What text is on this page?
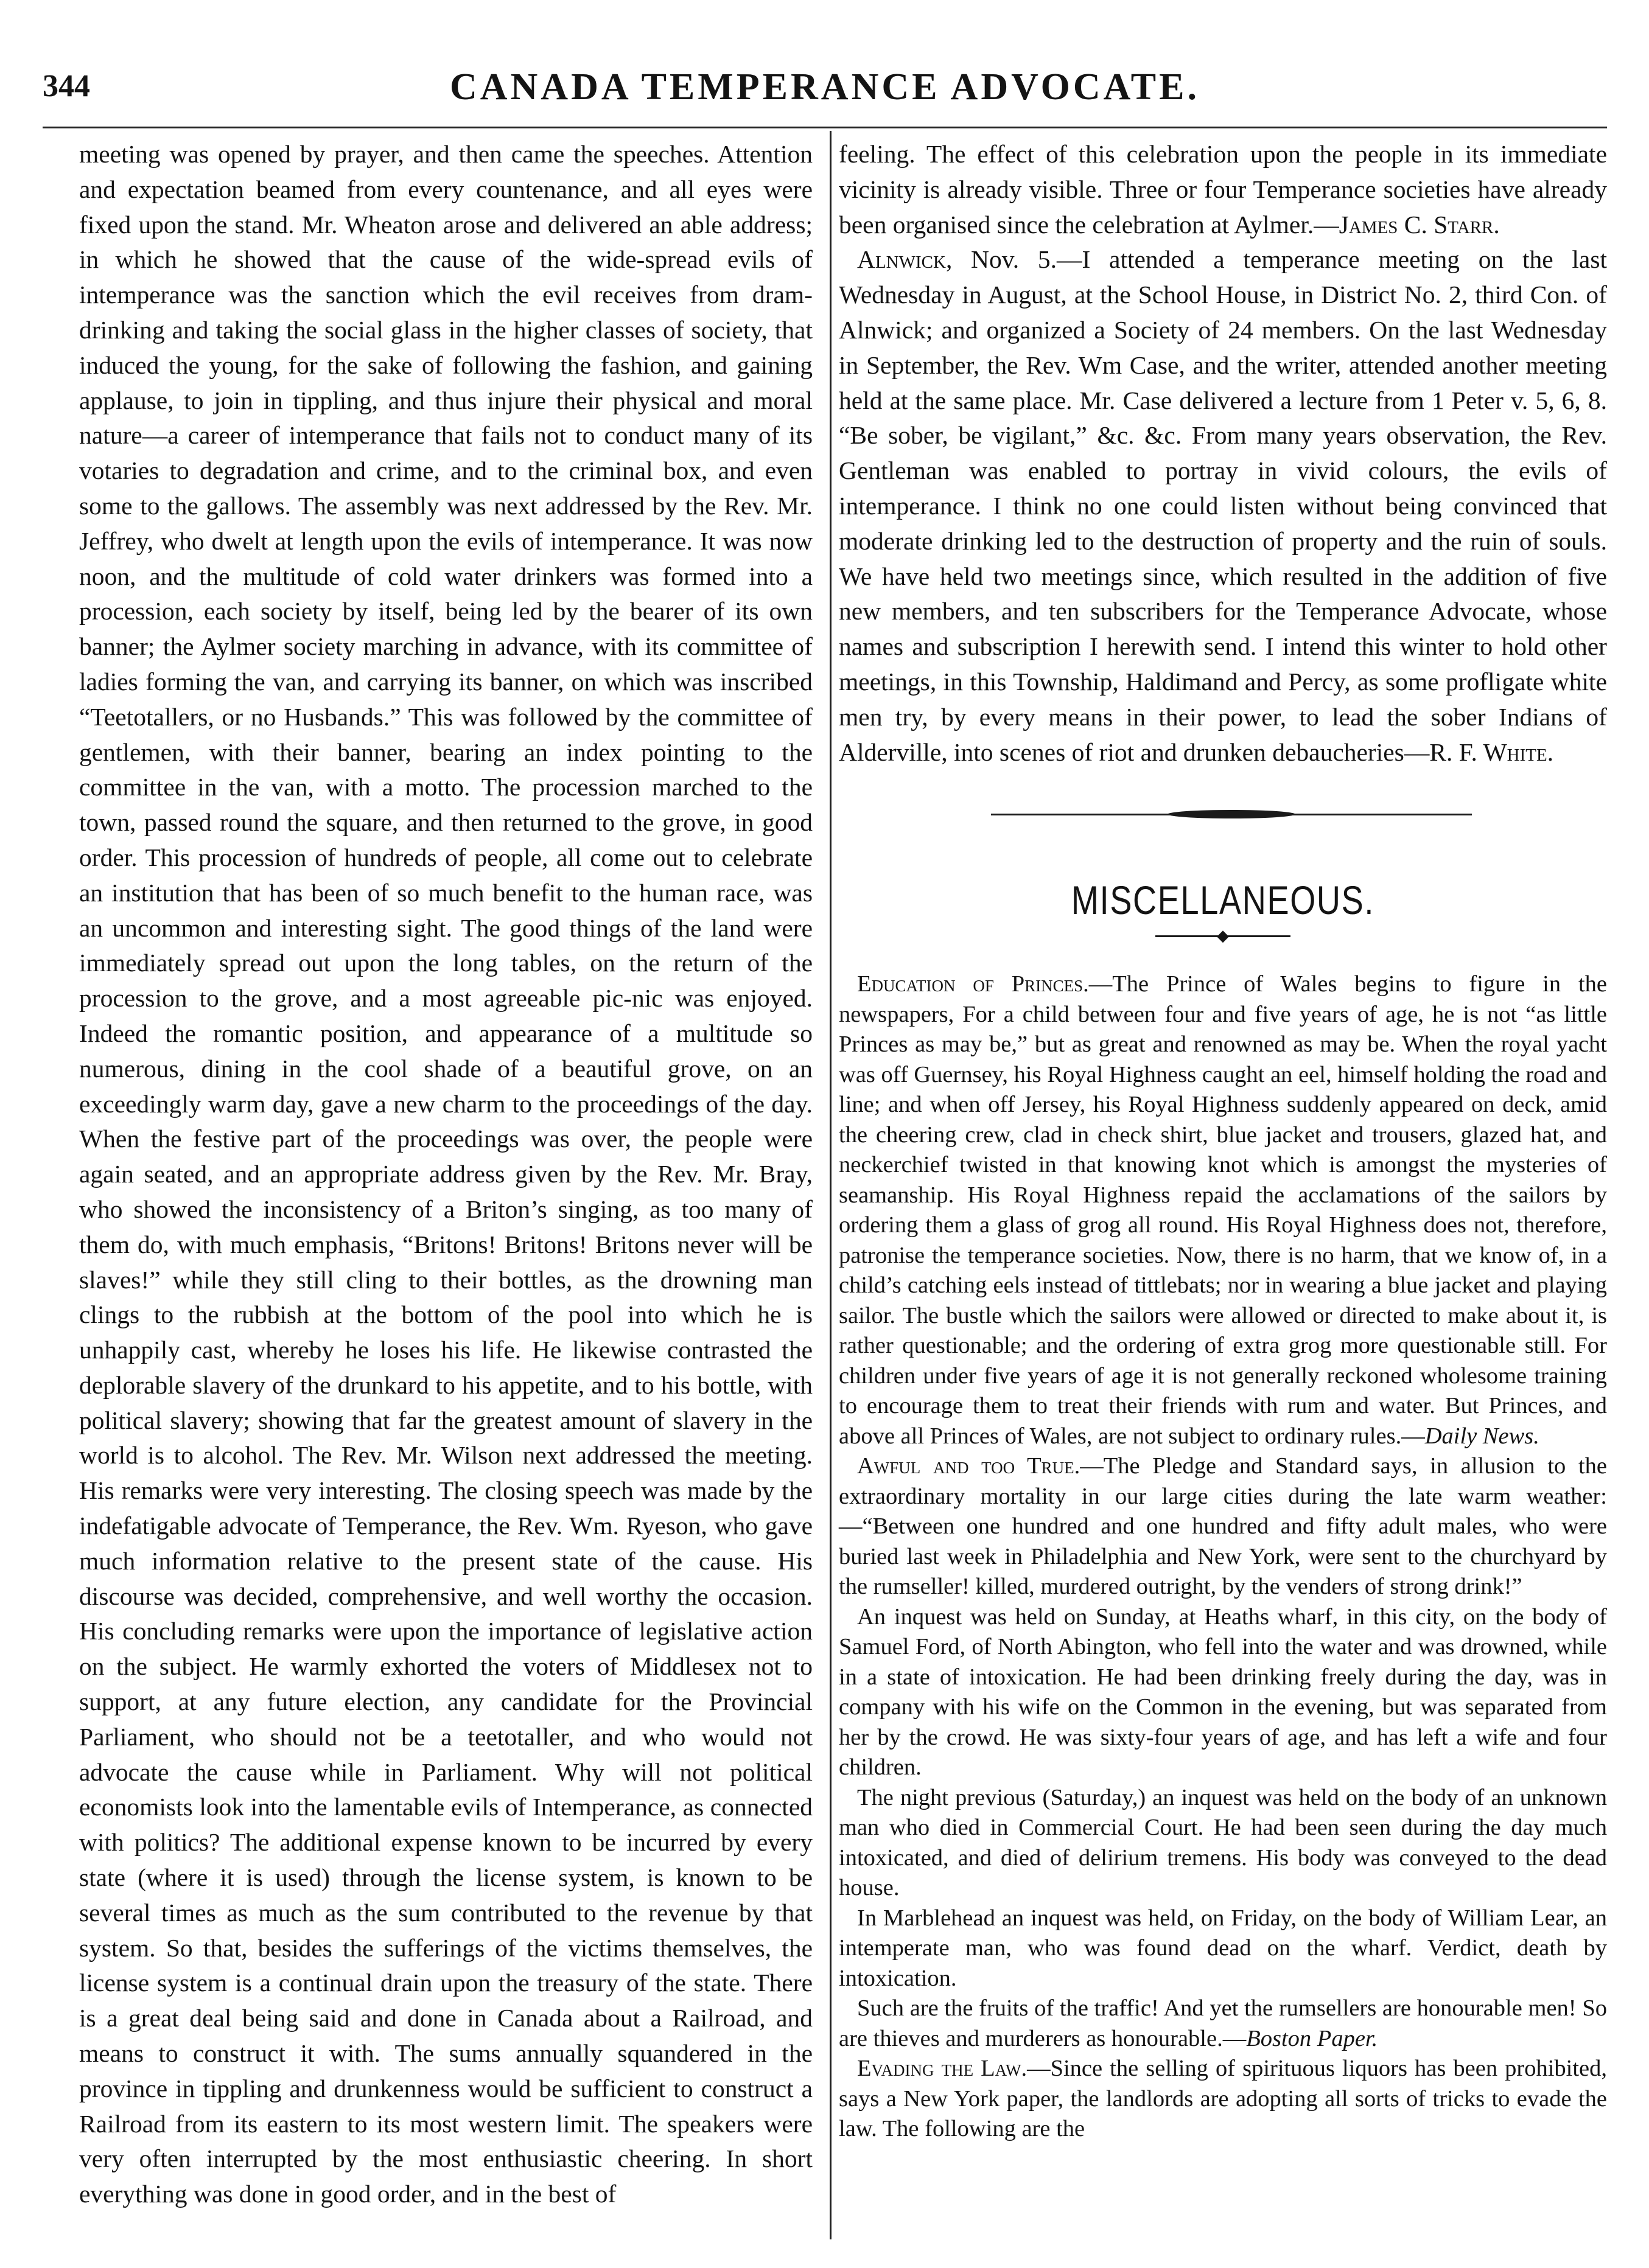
344	CANADA TEMPERANCE ADVOCATE.

meeting was opened by prayer, and then came the speeches. Attention and expectation beamed from every countenance, and all eyes were fixed upon the stand. Mr. Wheaton arose and delivered an able address; in which he showed that the cause of the wide-spread evils of intemperance was the sanction which the evil receives from dram-drinking and taking the social glass in the higher classes of society, that induced the young, for the sake of following the fashion, and gaining applause, to join in tippling, and thus injure their physical and moral nature—a career of intemperance that fails not to conduct many of its votaries to degradation and crime, and to the criminal box, and even some to the gallows. The assembly was next addressed by the Rev. Mr. Jeffrey, who dwelt at length upon the evils of intemperance. It was now noon, and the multitude of cold water drinkers was formed into a procession, each society by itself, being led by the bearer of its own banner; the Aylmer society marching in advance, with its committee of ladies forming the van, and carrying its banner, on which was inscribed “Teetotallers, or no Husbands.” This was followed by the committee of gentlemen, with their banner, bearing an index pointing to the committee in the van, with a motto. The procession marched to the town, passed round the square, and then returned to the grove, in good order. This procession of hundreds of people, all come out to celebrate an institution that has been of so much benefit to the human race, was an uncommon and interesting sight. The good things of the land were immediately spread out upon the long tables, on the return of the procession to the grove, and a most agreeable pic-nic was enjoyed. Indeed the romantic position, and appearance of a multitude so numerous, dining in the cool shade of a beautiful grove, on an exceedingly warm day, gave a new charm to the proceedings of the day. When the festive part of the proceedings was over, the people were again seated, and an appropriate address given by the Rev. Mr. Bray, who showed the inconsistency of a Briton’s singing, as too many of them do, with much emphasis, “Britons! Britons! Britons never will be slaves!” while they still cling to their bottles, as the drowning man clings to the rubbish at the bottom of the pool into which he is unhappily cast, whereby he loses his life. He likewise contrasted the deplorable slavery of the drunkard to his appetite, and to his bottle, with political slavery; showing that far the greatest amount of slavery in the world is to alcohol. The Rev. Mr. Wilson next addressed the meeting. His remarks were very interesting. The closing speech was made by the indefatigable advocate of Temperance, the Rev. Wm. Ryeson, who gave much information relative to the present state of the cause. His discourse was decided, comprehensive, and well worthy the occasion. His concluding remarks were upon the importance of legislative action on the subject. He warmly exhorted the voters of Middlesex not to support, at any future election, any candidate for the Provincial Parliament, who should not be a teetotaller, and who would not advocate the cause while in Parliament. Why will not political economists look into the lamentable evils of Intemperance, as connected with politics? The additional expense known to be incurred by every state (where it is used) through the license system, is known to be several times as much as the sum contributed to the revenue by that system. So that, besides the sufferings of the victims themselves, the license system is a continual drain upon the treasury of the state. There is a great deal being said and done in Canada about a Railroad, and means to construct it with. The sums annually squandered in the province in tippling and drunkenness would be sufficient to construct a Railroad from its eastern to its most western limit. The speakers were very often interrupted by the most enthusiastic cheering. In short everything was done in good order, and in the best of

feeling. The effect of this celebration upon the people in its immediate vicinity is already visible. Three or four Temperance societies have already been organised since the celebration at Aylmer.—James C. Starr.

Alnwick, Nov. 5.—I attended a temperance meeting on the last Wednesday in August, at the School House, in District No. 2, third Con. of Alnwick; and organized a Society of 24 members. On the last Wednesday in September, the Rev. Wm Case, and the writer, attended another meeting held at the same place. Mr. Case delivered a lecture from 1 Peter v. 5, 6, 8. “Be sober, be vigilant,” &c. &c. From many years observation, the Rev. Gentleman was enabled to portray in vivid colours, the evils of intemperance. I think no one could listen without being convinced that moderate drinking led to the destruction of property and the ruin of souls. We have held two meetings since, which resulted in the addition of five new members, and ten subscribers for the Temperance Advocate, whose names and subscription I herewith send. I intend this winter to hold other meetings, in this Township, Haldimand and Percy, as some profligate white men try, by every means in their power, to lead the sober Indians of Alderville, into scenes of riot and drunken debaucheries—R. F. White.

MISCELLANEOUS.
◆

Education of Princes.—The Prince of Wales begins to figure in the newspapers, For a child between four and five years of age, he is not “as little Princes as may be,” but as great and renowned as may be. When the royal yacht was off Guernsey, his Royal Highness caught an eel, himself holding the road and line; and when off Jersey, his Royal Highness suddenly appeared on deck, amid the cheering crew, clad in check shirt, blue jacket and trousers, glazed hat, and neckerchief twisted in that knowing knot which is amongst the mysteries of seamanship. His Royal Highness repaid the acclamations of the sailors by ordering them a glass of grog all round. His Royal Highness does not, therefore, patronise the temperance societies. Now, there is no harm, that we know of, in a child’s catching eels instead of tittlebats; nor in wearing a blue jacket and playing sailor. The bustle which the sailors were allowed or directed to make about it, is rather questionable; and the ordering of extra grog more questionable still. For children under five years of age it is not generally reckoned wholesome training to encourage them to treat their friends with rum and water. But Princes, and above all Princes of Wales, are not subject to ordinary rules.—Daily News.

Awful and too True.—The Pledge and Standard says, in allusion to the extraordinary mortality in our large cities during the late warm weather:—“Between one hundred and one hundred and fifty adult males, who were buried last week in Philadelphia and New York, were sent to the churchyard by the rumseller! killed, murdered outright, by the venders of strong drink!”

An inquest was held on Sunday, at Heaths wharf, in this city, on the body of Samuel Ford, of North Abington, who fell into the water and was drowned, while in a state of intoxication. He had been drinking freely during the day, was in company with his wife on the Common in the evening, but was separated from her by the crowd. He was sixty-four years of age, and has left a wife and four children.

The night previous (Saturday,) an inquest was held on the body of an unknown man who died in Commercial Court. He had been seen during the day much intoxicated, and died of delirium tremens. His body was conveyed to the dead house.

In Marblehead an inquest was held, on Friday, on the body of William Lear, an intemperate man, who was found dead on the wharf. Verdict, death by intoxication.

Such are the fruits of the traffic! And yet the rumsellers are honourable men! So are thieves and murderers as honourable.—Boston Paper.

Evading the Law.—Since the selling of spirituous liquors has been prohibited, says a New York paper, the landlords are adopting all sorts of tricks to evade the law. The following are the
